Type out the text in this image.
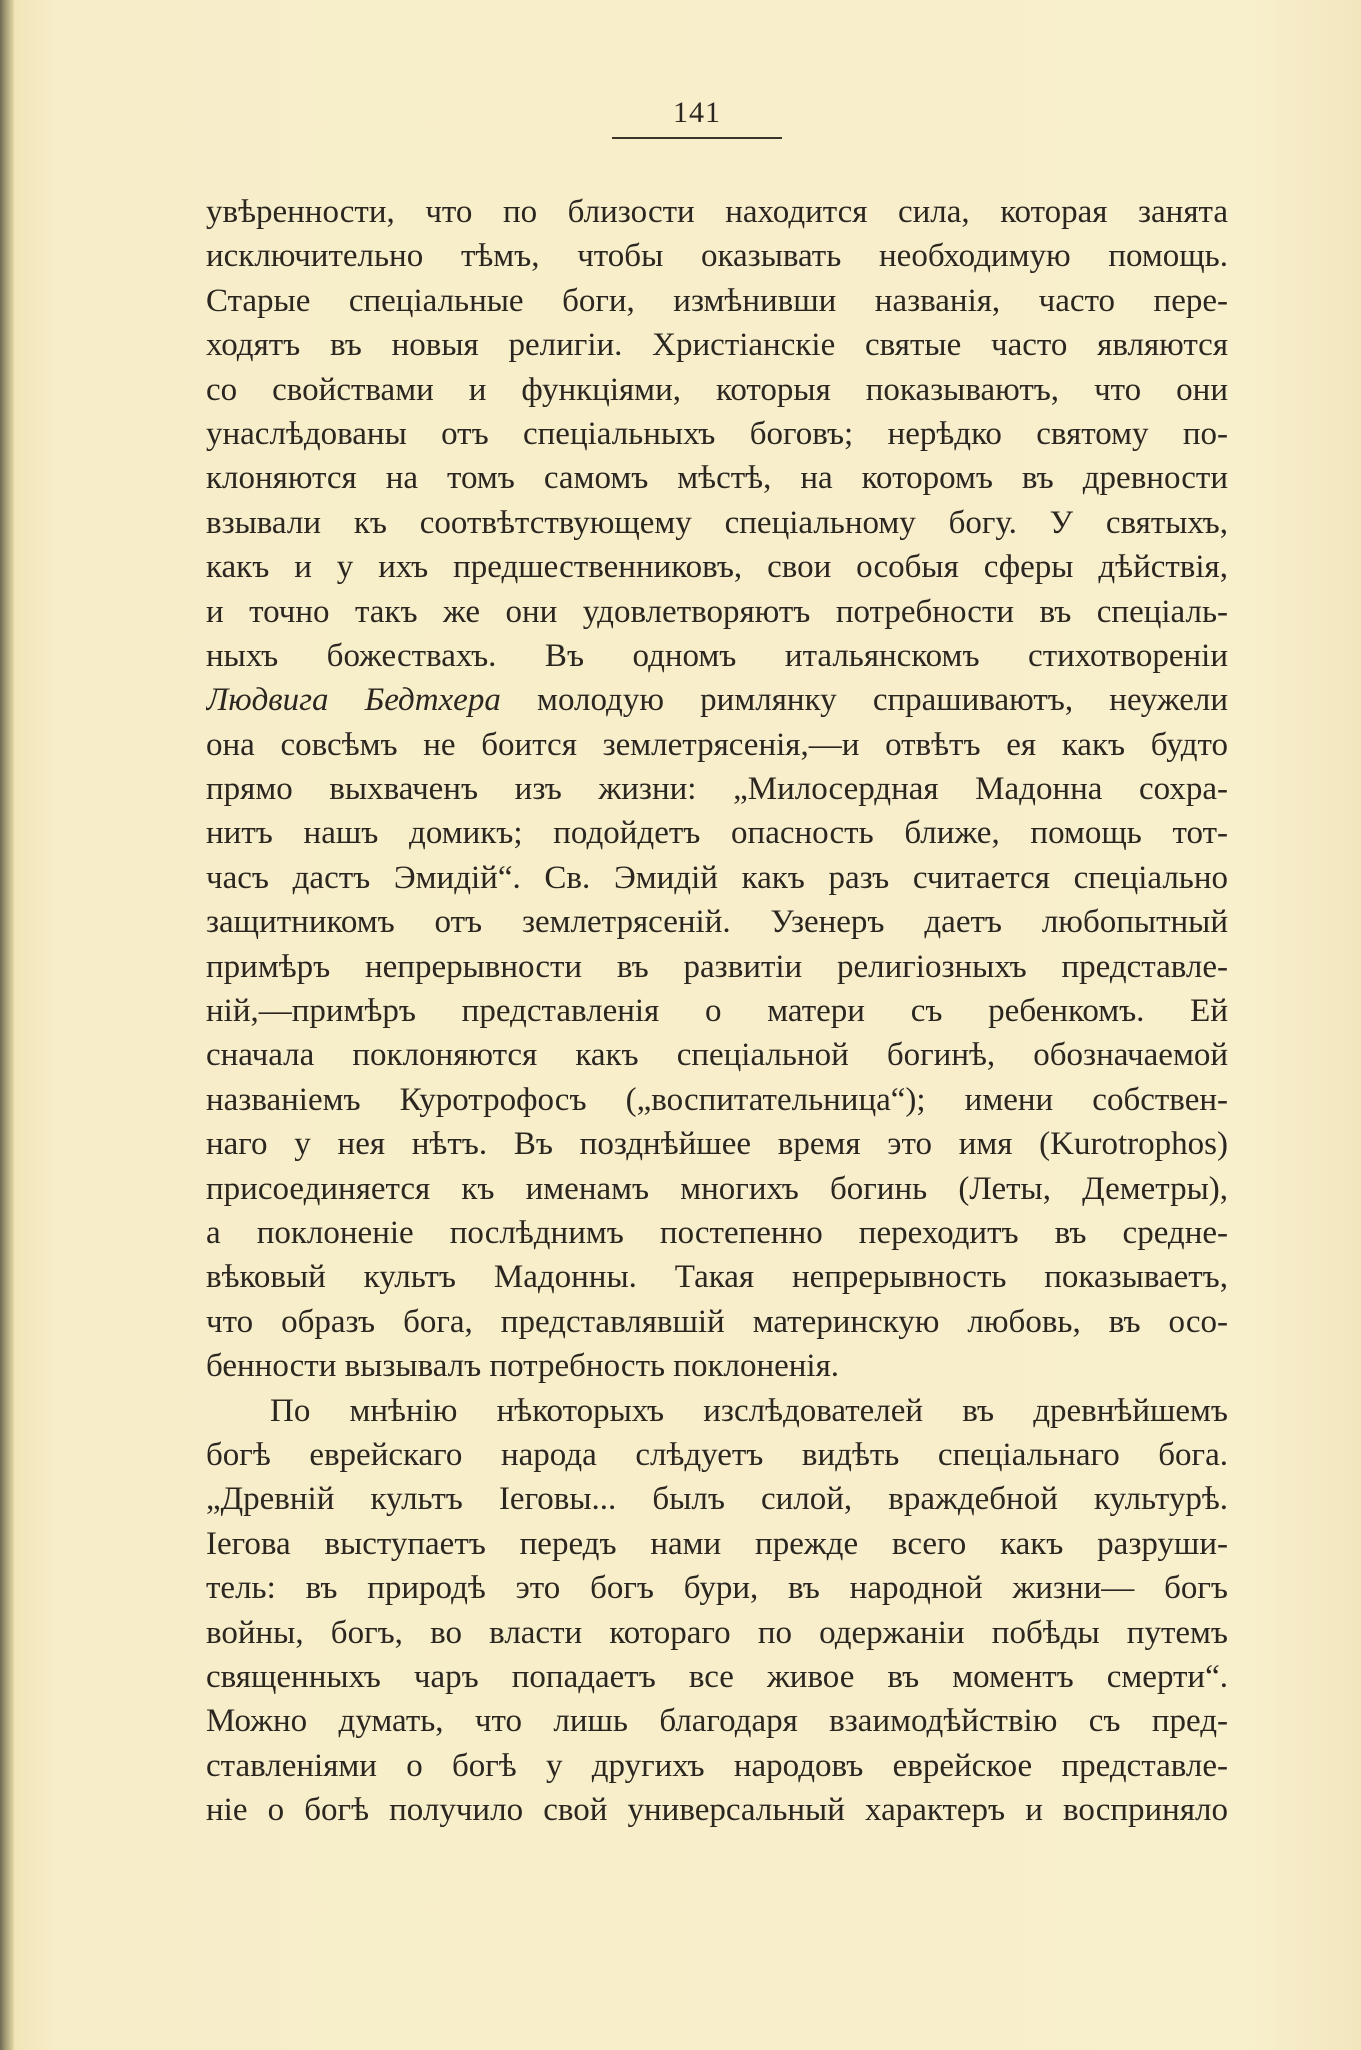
141
увѣренности, что по близости находится сила, которая занята
исключительно тѣмъ, чтобы оказывать необходимую помощь.
Старые спеціальные боги, измѣнивши названія, часто пере-
ходятъ въ новыя религіи. Христіанскіе святые часто являются
со свойствами и функціями, которыя показываютъ, что они
унаслѣдованы отъ спеціальныхъ боговъ; нерѣдко святому по-
клоняются на томъ самомъ мѣстѣ, на которомъ въ древности
взывали къ соотвѣтствующему спеціальному богу. У святыхъ,
какъ и у ихъ предшественниковъ, свои особыя сферы дѣйствія,
и точно такъ же они удовлетворяютъ потребности въ спеціаль-
ныхъ божествахъ. Въ одномъ итальянскомъ стихотвореніи
Людвига Бедтхера молодую римлянку спрашиваютъ, неужели
она совсѣмъ не боится землетрясенія,—и отвѣтъ ея какъ будто
прямо выхваченъ изъ жизни: „Милосердная Мадонна сохра-
нитъ нашъ домикъ; подойдетъ опасность ближе, помощь тот-
часъ дастъ Эмидій“. Св. Эмидій какъ разъ считается спеціально
защитникомъ отъ землетрясеній. Узенеръ даетъ любопытный
примѣръ непрерывности въ развитіи религіозныхъ представле-
ній,—примѣръ представленія о матери съ ребенкомъ. Ей
сначала поклоняются какъ спеціальной богинѣ, обозначаемой
названіемъ Куротрофосъ („воспитательница“); имени собствен-
наго у нея нѣтъ. Въ позднѣйшее время это имя (Kurotrophos)
присоединяется къ именамъ многихъ богинь (Леты, Деметры),
а поклоненіе послѣднимъ постепенно переходитъ въ средне-
вѣковый культъ Мадонны. Такая непрерывность показываетъ,
что образъ бога, представлявшій материнскую любовь, въ осо-
бенности вызывалъ потребность поклоненія.
По мнѣнію нѣкоторыхъ изслѣдователей въ древнѣйшемъ
богѣ еврейскаго народа слѣдуетъ видѣть спеціальнаго бога.
„Древній культъ Іеговы... былъ силой, враждебной культурѣ.
Іегова выступаетъ передъ нами прежде всего какъ разруши-
тель: въ природѣ это богъ бури, въ народной жизни— богъ
войны, богъ, во власти котораго по одержаніи побѣды путемъ
священныхъ чаръ попадаетъ все живое въ моментъ смерти“.
Можно думать, что лишь благодаря взаимодѣйствію съ пред-
ставленіями о богѣ у другихъ народовъ еврейское представле-
ніе о богѣ получило свой универсальный характеръ и восприняло
